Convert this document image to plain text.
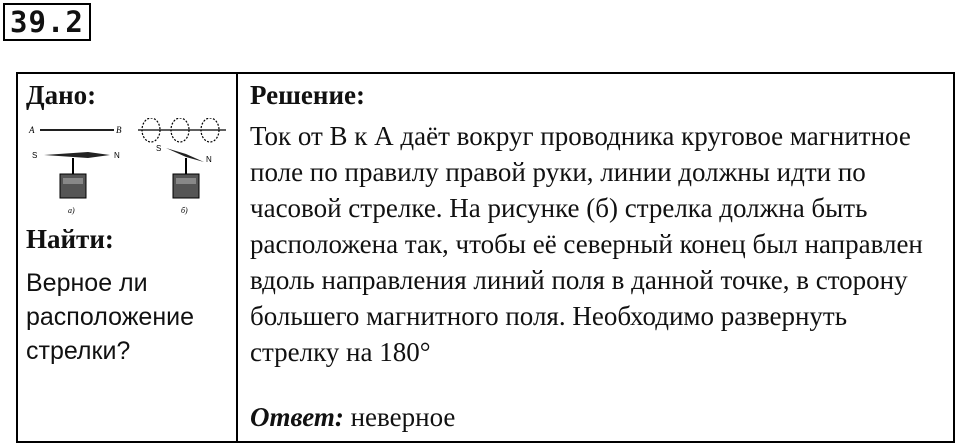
39.2
Дано:
A	B
S	N
а)
S
N
б)
Найти:
Верное ли расположение стрелки?
Решение:
Ток от В к А даёт вокруг проводника круговое магнитное поле по правилу правой руки, линии должны идти по часовой стрелке. На рисунке (б) стрелка должна быть расположена так, чтобы её северный конец был направлен вдоль направления линий поля в данной точке, в сторону большего магнитного поля. Необходимо развернуть стрелку на 180°
Ответ: неверное
